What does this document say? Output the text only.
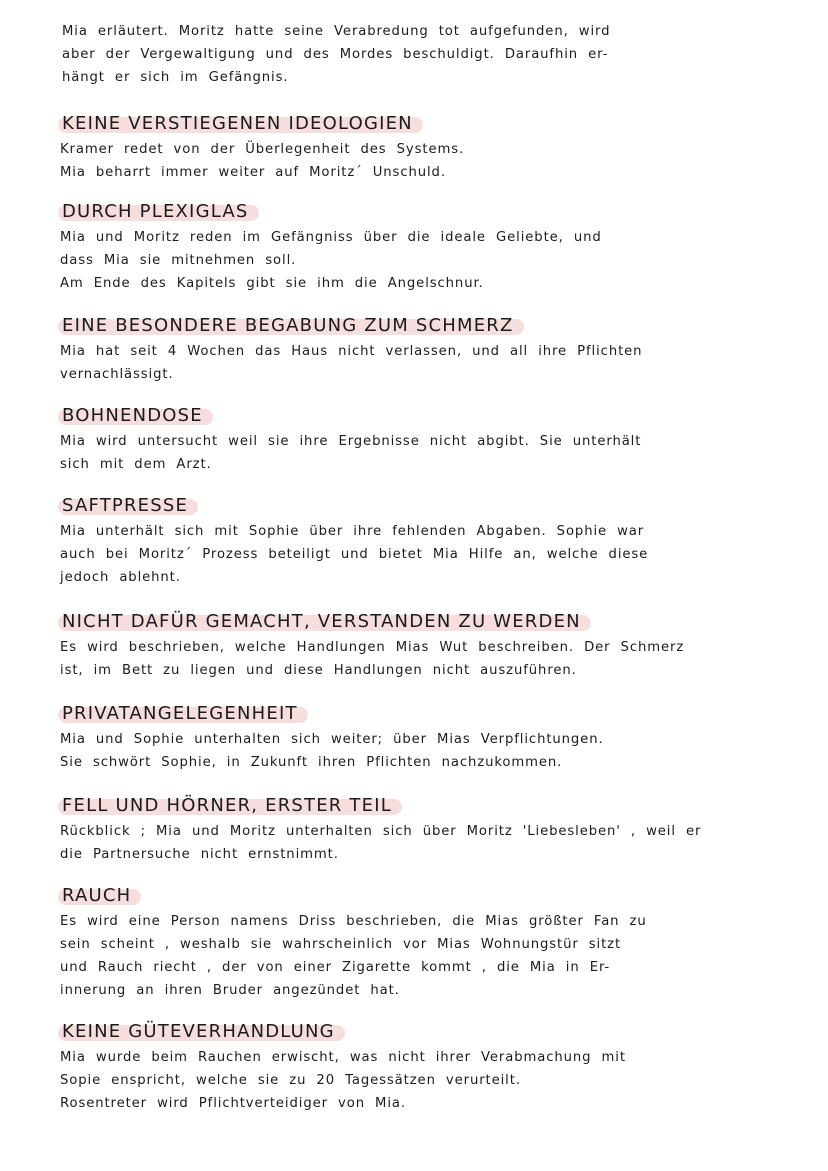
Mia erläutert. Moritz hatte seine Verabredung tot aufgefunden, wird
aber der Vergewaltigung und des Mordes beschuldigt. Daraufhin er-
hängt er sich im Gefängnis.

KEINE VERSTIEGENEN IDEOLOGIEN

Kramer redet von der Überlegenheit des Systems.
Mia beharrt immer weiter auf Moritz´ Unschuld.

DURCH PLEXIGLAS

Mia und Moritz reden im Gefängniss über die ideale Geliebte, und
dass Mia sie mitnehmen soll.
Am Ende des Kapitels gibt sie ihm die Angelschnur.

EINE BESONDERE BEGABUNG ZUM SCHMERZ

Mia hat seit 4 Wochen das Haus nicht verlassen, und all ihre Pflichten
vernachlässigt.

BOHNENDOSE

Mia wird untersucht weil sie ihre Ergebnisse nicht abgibt. Sie unterhält
sich mit dem Arzt.

SAFTPRESSE

Mia unterhält sich mit Sophie über ihre fehlenden Abgaben. Sophie war
auch bei Moritz´ Prozess beteiligt und bietet Mia Hilfe an, welche diese
jedoch ablehnt.

NICHT DAFÜR GEMACHT, VERSTANDEN ZU WERDEN

Es wird beschrieben, welche Handlungen Mias Wut beschreiben. Der Schmerz
ist, im Bett zu liegen und diese Handlungen nicht auszuführen.

PRIVATANGELEGENHEIT

Mia und Sophie unterhalten sich weiter; über Mias Verpflichtungen.
Sie schwört Sophie, in Zukunft ihren Pflichten nachzukommen.

FELL UND HÖRNER, ERSTER TEIL

Rückblick ; Mia und Moritz unterhalten sich über Moritz 'Liebesleben' , weil er
die Partnersuche nicht ernstnimmt.

RAUCH

Es wird eine Person namens Driss beschrieben, die Mias größter Fan zu
sein scheint , weshalb sie wahrscheinlich vor Mias Wohnungstür sitzt
und Rauch riecht , der von einer Zigarette kommt , die Mia in Er-
innerung an ihren Bruder angezündet hat.

KEINE GÜTEVERHANDLUNG

Mia wurde beim Rauchen erwischt, was nicht ihrer Verabmachung mit
Sopie enspricht, welche sie zu 20 Tagessätzen verurteilt.
Rosentreter wird Pflichtverteidiger von Mia.
